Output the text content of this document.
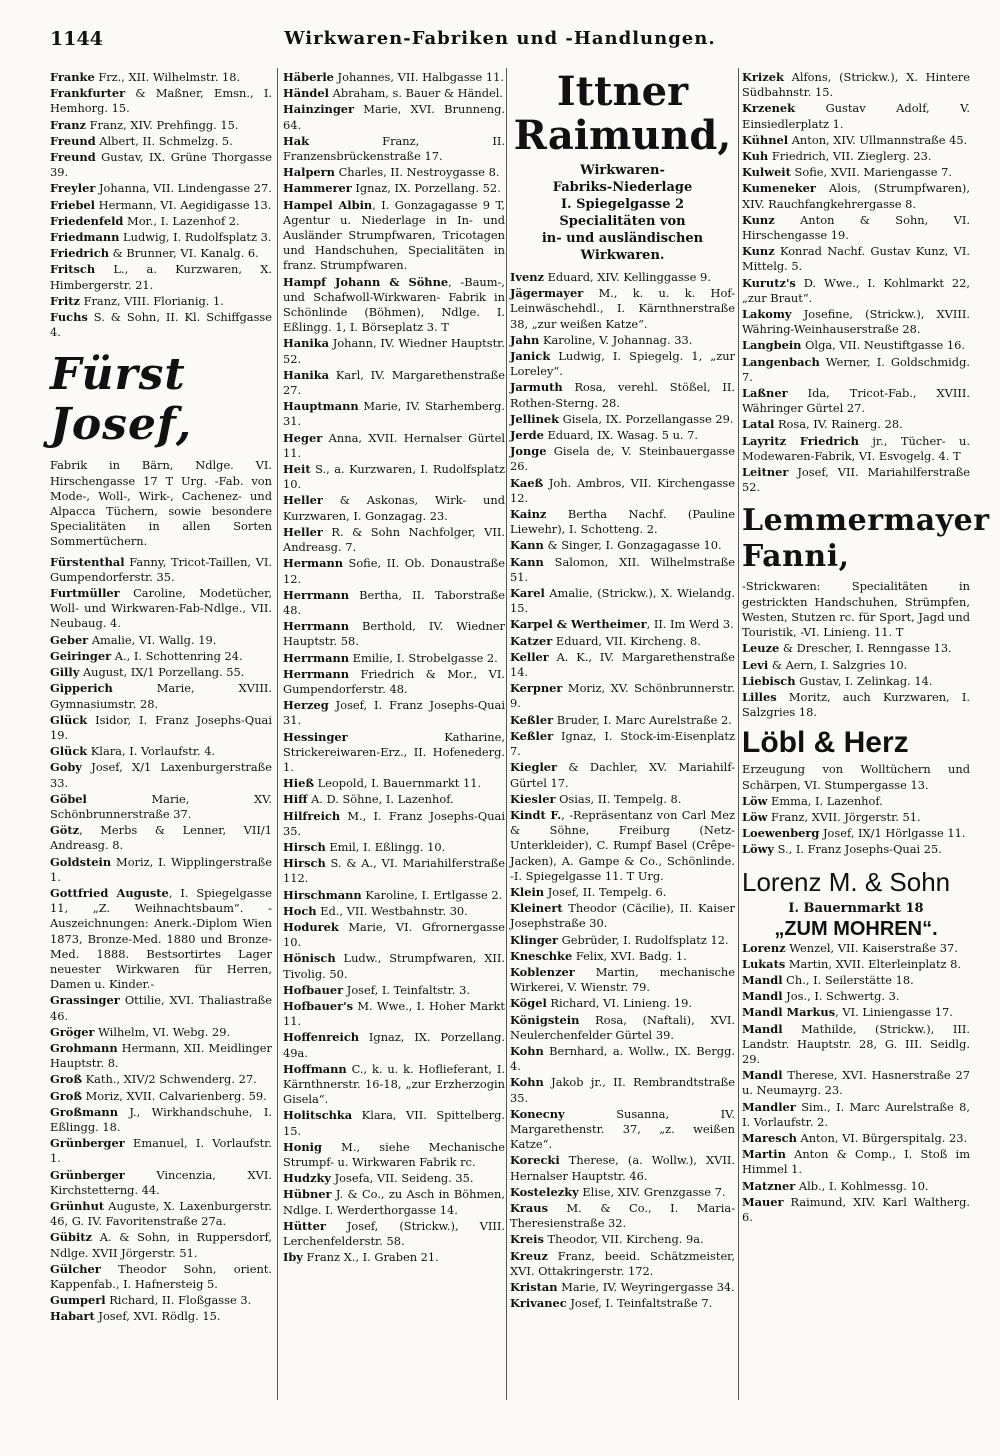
1144	Wirkwaren-Fabriken und -Handlungen.
Franke Frz., XII. Wilhelmstr. 18.
Frankfurter & Maßner, Emsn., I. Hemhorg. 15.
Franz Franz, XIV. Prehfingg. 15.
Freund Albert, II. Schmelzg. 5.
Freund Gustav, IX. Grüne Thorgasse 39.
Freyler Johanna, VII. Lindengasse 27.
Friebel Hermann, VI. Aegidigasse 13.
Friedenfeld Mor., I. Lazenhof 2.
Friedmann Ludwig, I. Rudolfsplatz 3.
Friedrich & Brunner, VI. Kanalg. 6.
Fritsch L., a. Kurzwaren, X. Himbergerstr. 21.
Fritz Franz, VIII. Florianig. 1.
Fuchs S. & Sohn, II. Kl. Schiffgasse 4.
Fürst Josef,
Fabrik in Bärn, Ndlge. VI. Hirschengasse 17 T Urg. -Fab. von Mode-, Woll-, Wirk-, Cachenez- und Alpacca Tüchern, sowie besondere Specialitäten in allen Sorten Sommertüchern.
Fürstenthal Fanny, Tricot-Taillen, VI. Gumpendorferstr. 35.
Furtmüller Caroline, Modetücher, Woll- und Wirkwaren-Fab-Ndlge., VII. Neubaug. 4.
Geber Amalie, VI. Wallg. 19.
Geiringer A., I. Schottenring 24.
Gilly August, IX/1 Porzellang. 55.
Gipperich Marie, XVIII. Gymnasiumstr. 28.
Glück Isidor, I. Franz Josephs-Quai 19.
Glück Klara, I. Vorlaufstr. 4.
Goby Josef, X/1 Laxenburgerstraße 33.
Göbel Marie, XV. Schönbrunnerstraße 37.
Götz, Merbs & Lenner, VII/1 Andreasg. 8.
Goldstein Moriz, I. Wipplingerstraße 1.
Gottfried Auguste, I. Spiegelgasse 11, „Z. Weihnachtsbaum“. -Auszeichnungen: Anerk.-Diplom Wien 1873, Bronze-Med. 1880 und Bronze-Med. 1888. Bestsortirtes Lager neuester Wirkwaren für Herren, Damen u. Kinder.-
Grassinger Ottilie, XVI. Thaliastraße 46.
Gröger Wilhelm, VI. Webg. 29.
Grohmann Hermann, XII. Meidlinger Hauptstr. 8.
Groß Kath., XIV/2 Schwenderg. 27.
Groß Moriz, XVII. Calvarienberg. 59.
Großmann J., Wirkhandschuhe, I. Eßlingg. 18.
Grünberger Emanuel, I. Vorlaufstr. 1.
Grünberger Vincenzia, XVI. Kirchstetterng. 44.
Grünhut Auguste, X. Laxenburgerstr. 46, G. IV. Favoritenstraße 27a.
Gübitz A. & Sohn, in Ruppersdorf, Ndlge. XVII Jörgerstr. 51.
Gülcher Theodor Sohn, orient. Kappenfab., I. Hafnersteig 5.
Gumperl Richard, II. Floßgasse 3.
Habart Josef, XVI. Rödlg. 15.
Häberle Johannes, VII. Halbgasse 11.
Händel Abraham, s. Bauer & Händel.
Hainzinger Marie, XVI. Brunneng. 64.
Hak Franz, II. Franzensbrückenstraße 17.
Halpern Charles, II. Nestroygasse 8.
Hammerer Ignaz, IX. Porzellang. 52.
Hampel Albin, I. Gonzagagasse 9 T, Agentur u. Niederlage in In- und Ausländer Strumpfwaren, Tricotagen und Handschuhen, Specialitäten in franz. Strumpfwaren.
Hampf Johann & Söhne, -Baum-, und Schafwoll-Wirkwaren- Fabrik in Schönlinde (Böhmen), Ndlge. I. Eßlingg. 1, I. Börseplatz 3. T
Hanika Johann, IV. Wiedner Hauptstr. 52.
Hanika Karl, IV. Margarethenstraße 27.
Hauptmann Marie, IV. Starhemberg. 31.
Heger Anna, XVII. Hernalser Gürtel 11.
Heit S., a. Kurzwaren, I. Rudolfsplatz 10.
Heller & Askonas, Wirk- und Kurzwaren, I. Gonzagag. 23.
Heller R. & Sohn Nachfolger, VII. Andreasg. 7.
Hermann Sofie, II. Ob. Donaustraße 12.
Herrmann Bertha, II. Taborstraße 48.
Herrmann Berthold, IV. Wiedner Hauptstr. 58.
Herrmann Emilie, I. Strobelgasse 2.
Herrmann Friedrich & Mor., VI. Gumpendorferstr. 48.
Herzeg Josef, I. Franz Josephs-Quai 31.
Hessinger Katharine, Strickereiwaren-Erz., II. Hofenederg. 1.
Hieß Leopold, I. Bauernmarkt 11.
Hiff A. D. Söhne, I. Lazenhof.
Hilfreich M., I. Franz Josephs-Quai 35.
Hirsch Emil, I. Eßlingg. 10.
Hirsch S. & A., VI. Mariahilferstraße 112.
Hirschmann Karoline, I. Ertlgasse 2.
Hoch Ed., VII. Westbahnstr. 30.
Hodurek Marie, VI. Gfrornergasse 10.
Hönisch Ludw., Strumpfwaren, XII. Tivolig. 50.
Hofbauer Josef, I. Teinfaltstr. 3.
Hofbauer's M. Wwe., I. Hoher Markt 11.
Hoffenreich Ignaz, IX. Porzellang. 49a.
Hoffmann C., k. u. k. Hoflieferant, I. Kärnthnerstr. 16-18, „zur Erzherzogin Gisela“.
Holitschka Klara, VII. Spittelberg. 15.
Honig M., siehe Mechanische Strumpf- u. Wirkwaren Fabrik rc.
Hudzky Josefa, VII. Seideng. 35.
Hübner J. & Co., zu Asch in Böhmen, Ndlge. I. Werderthorgasse 14.
Hütter Josef, (Strickw.), VIII. Lerchenfelderstr. 58.
Iby Franz X., I. Graben 21.
Ittner Raimund,
Wirkwaren-
Fabriks-Niederlage
I. Spiegelgasse 2
Specialitäten von
in- und ausländischen
Wirkwaren.
Ivenz Eduard, XIV. Kellinggasse 9.
Jägermayer M., k. u. k. Hof-Leinwäschehdl., I. Kärnthnerstraße 38, „zur weißen Katze“.
Jahn Karoline, V. Johannag. 33.
Janick Ludwig, I. Spiegelg. 1, „zur Loreley“.
Jarmuth Rosa, verehl. Stößel, II. Rothen-Sterng. 28.
Jellinek Gisela, IX. Porzellangasse 29.
Jerde Eduard, IX. Wasag. 5 u. 7.
Jonge Gisela de, V. Steinbauergasse 26.
Kaeß Joh. Ambros, VII. Kirchengasse 12.
Kainz Bertha Nachf. (Pauline Liewehr), I. Schotteng. 2.
Kann & Singer, I. Gonzagagasse 10.
Kann Salomon, XII. Wilhelmstraße 51.
Karel Amalie, (Strickw.), X. Wielandg. 15.
Karpel & Wertheimer, II. Im Werd 3.
Katzer Eduard, VII. Kircheng. 8.
Keller A. K., IV. Margarethenstraße 14.
Kerpner Moriz, XV. Schönbrunnerstr. 9.
Keßler Bruder, I. Marc Aurelstraße 2.
Keßler Ignaz, I. Stock-im-Eisenplatz 7.
Kiegler & Dachler, XV. Mariahilf-Gürtel 17.
Kiesler Osias, II. Tempelg. 8.
Kindt F., -Repräsentanz von Carl Mez & Söhne, Freiburg (Netz-Unterkleider), C. Rumpf Basel (Crêpe-Jacken), A. Gampe & Co., Schönlinde. -I. Spiegelgasse 11. T Urg.
Klein Josef, II. Tempelg. 6.
Kleinert Theodor (Cäcilie), II. Kaiser Josephstraße 30.
Klinger Gebrüder, I. Rudolfsplatz 12.
Kneschke Felix, XVI. Badg. 1.
Koblenzer Martin, mechanische Wirkerei, V. Wienstr. 79.
Kögel Richard, VI. Linieng. 19.
Königstein Rosa, (Naftali), XVI. Neulerchenfelder Gürtel 39.
Kohn Bernhard, a. Wollw., IX. Bergg. 4.
Kohn Jakob jr., II. Rembrandtstraße 35.
Konecny Susanna, IV. Margarethenstr. 37, „z. weißen Katze“.
Korecki Therese, (a. Wollw.), XVII. Hernalser Hauptstr. 46.
Kostelezky Elise, XIV. Grenzgasse 7.
Kraus M. & Co., I. Maria-Theresienstraße 32.
Kreis Theodor, VII. Kircheng. 9a.
Kreuz Franz, beeid. Schätzmeister, XVI. Ottakringerstr. 172.
Kristan Marie, IV. Weyringergasse 34.
Krivanec Josef, I. Teinfaltstraße 7.
Krizek Alfons, (Strickw.), X. Hintere Südbahnstr. 15.
Krzenek Gustav Adolf, V. Einsiedlerplatz 1.
Kühnel Anton, XIV. Ullmannstraße 45.
Kuh Friedrich, VII. Zieglerg. 23.
Kulweit Sofie, XVII. Mariengasse 7.
Kumeneker Alois, (Strumpfwaren), XIV. Rauchfangkehrergasse 8.
Kunz Anton & Sohn, VI. Hirschengasse 19.
Kunz Konrad Nachf. Gustav Kunz, VI. Mittelg. 5.
Kurutz's D. Wwe., I. Kohlmarkt 22, „zur Braut“.
Lakomy Josefine, (Strickw.), XVIII. Währing-Weinhauserstraße 28.
Langbein Olga, VII. Neustiftgasse 16.
Langenbach Werner, I. Goldschmidg. 7.
Laßner Ida, Tricot-Fab., XVIII. Währinger Gürtel 27.
Latal Rosa, IV. Rainerg. 28.
Layritz Friedrich jr., Tücher- u. Modewaren-Fabrik, VI. Esvogelg. 4. T
Leitner Josef, VII. Mariahilferstraße 52.
Lemmermayer Fanni,
-Strickwaren: Specialitäten in gestrickten Handschuhen, Strümpfen, Westen, Stutzen rc. für Sport, Jagd und Touristik, -VI. Linieng. 11. T
Leuze & Drescher, I. Renngasse 13.
Levi & Aern, I. Salzgries 10.
Liebisch Gustav, I. Zelinkag. 14.
Lilles Moritz, auch Kurzwaren, I. Salzgries 18.
Löbl & Herz
Erzeugung von Wolltüchern und Schärpen, VI. Stumpergasse 13.
Löw Emma, I. Lazenhof.
Löw Franz, XVII. Jörgerstr. 51.
Loewenberg Josef, IX/1 Hörlgasse 11.
Löwy S., I. Franz Josephs-Quai 25.
Lorenz M. & Sohn
I. Bauernmarkt 18
„ZUM MOHREN“.
Lorenz Wenzel, VII. Kaiserstraße 37.
Lukats Martin, XVII. Elterleinplatz 8.
Mandl Ch., I. Seilerstätte 18.
Mandl Jos., I. Schwertg. 3.
Mandl Markus, VI. Liniengasse 17.
Mandl Mathilde, (Strickw.), III. Landstr. Hauptstr. 28, G. III. Seidlg. 29.
Mandl Therese, XVI. Hasnerstraße 27 u. Neumayrg. 23.
Mandler Sim., I. Marc Aurelstraße 8, I. Vorlaufstr. 2.
Maresch Anton, VI. Bürgerspitalg. 23.
Martin Anton & Comp., I. Stoß im Himmel 1.
Matzner Alb., I. Kohlmessg. 10.
Mauer Raimund, XIV. Karl Waltherg. 6.
